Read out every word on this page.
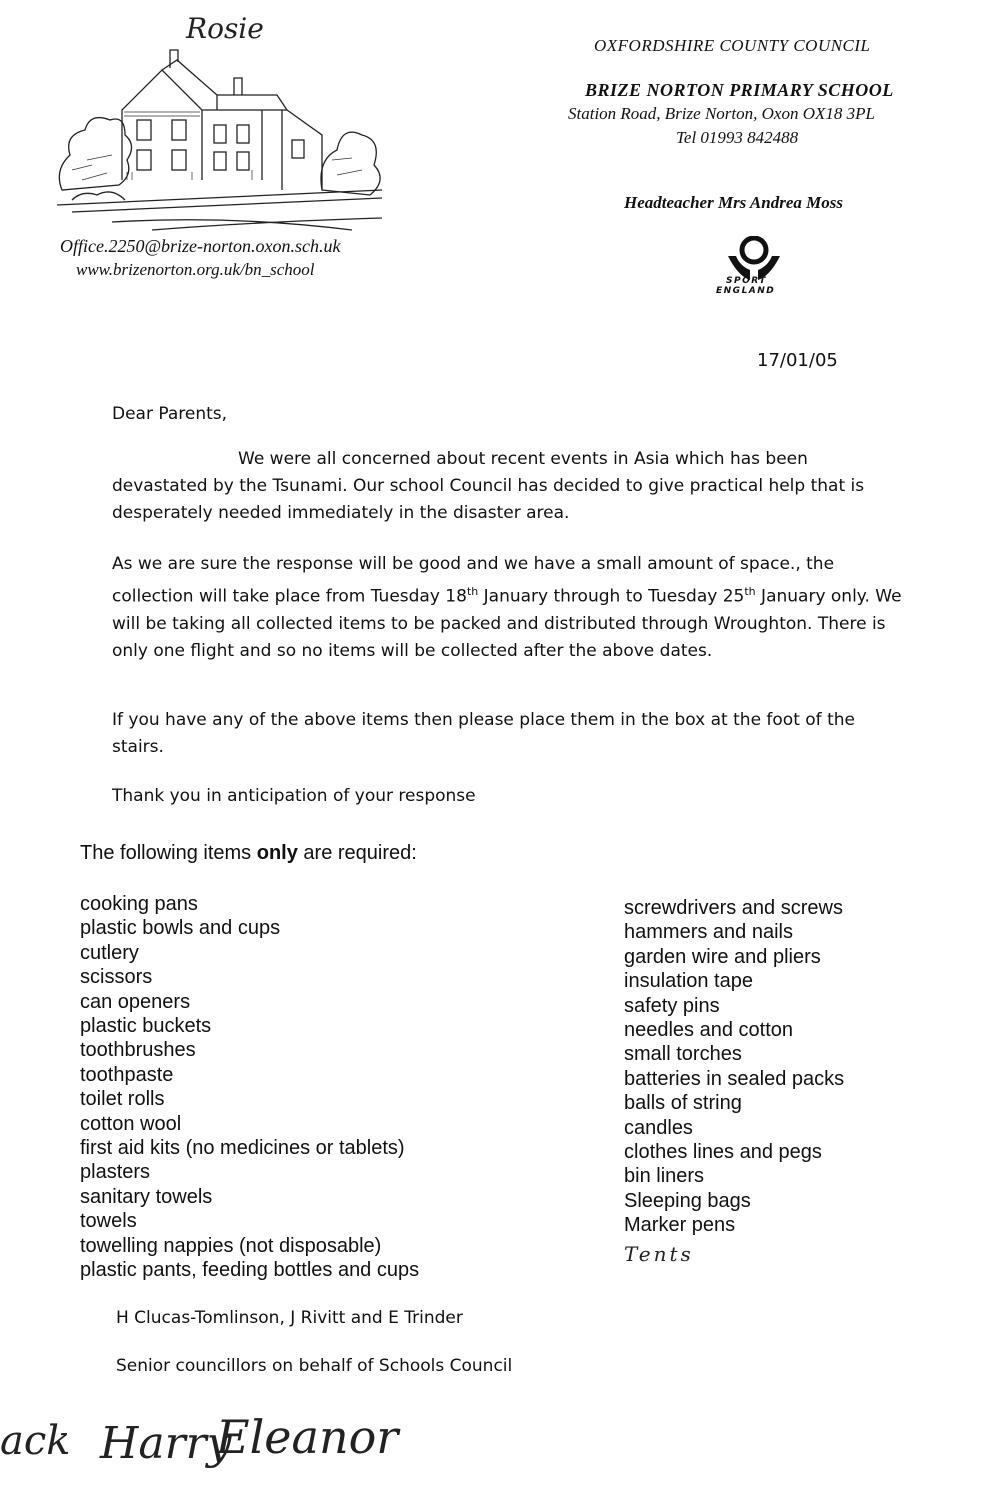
Rosie
OXFORDSHIRE COUNTY COUNCIL
BRIZE NORTON PRIMARY SCHOOL
Station Road, Brize Norton, Oxon OX18 3PL
Tel 01993 842488
Headteacher Mrs Andrea Moss
Office.2250@brize-norton.oxon.sch.uk
www.brizenorton.org.uk/bn_school
SPORT
ENGLAND
17/01/05
Dear Parents,
We were all concerned about recent events in Asia which has been devastated by the Tsunami. Our school Council has decided to give practical help that is desperately needed immediately in the disaster area.
As we are sure the response will be good and we have a small amount of space., the collection will take place from Tuesday 18th January through to Tuesday 25th January only. We will be taking all collected items to be packed and distributed through Wroughton. There is only one flight and so no items will be collected after the above dates.
If you have any of the above items then please place them in the box at the foot of the stairs.
Thank you in anticipation of your response
The following items only are required:
cooking pans
plastic bowls and cups
cutlery
scissors
can openers
plastic buckets
toothbrushes
toothpaste
toilet rolls
cotton wool
first aid kits (no medicines or tablets)
plasters
sanitary towels
towels
towelling nappies (not disposable)
plastic pants, feeding bottles and cups
screwdrivers and screws
hammers and nails
garden wire and pliers
insulation tape
safety pins
needles and cotton
small torches
batteries in sealed packs
balls of string
candles
clothes lines and pegs
bin liners
Sleeping bags
Marker pens
Tents
H Clucas-Tomlinson, J Rivitt and E Trinder
Senior councillors on behalf of Schools Council
ack Harry
Eleanor
